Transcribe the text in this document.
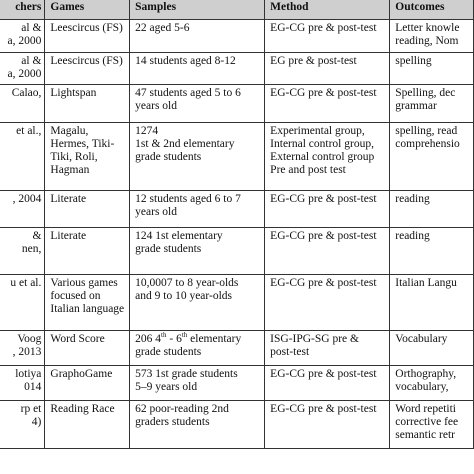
chers	Games	Samples	Method	Outcomes

al &
a, 2000	Leescircus (FS)	22 aged 5-6	EG-CG pre & post-test	Letter knowle
reading, Nom

al &
a, 2000	Leescircus (FS)	14 students aged 8-12	EG pre & post-test	spelling

Calao,	Lightspan	47 students aged 5 to 6
years old	EG-CG pre & post-test	Spelling, dec
grammar

et al.,	Magalu,
Hermes, Tiki-
Tiki, Roli,
Hagman	1274
1st & 2nd elementary
grade students	Experimental group,
Internal control group,
External control group
Pre and post test	spelling, read
comprehensio

, 2004	Literate	12 students aged 6 to 7
years old	EG-CG pre & post-test	reading

&
nen,	Literate	124 1st elementary
grade students	EG-CG pre & post-test	reading

u et al.	Various games
focused on
Italian language	10,0007 to 8 year-olds
and 9 to 10 year-olds	EG-CG pre & post-test	Italian Langu

Voog
, 2013	Word Score	206 4th - 6th elementary
grade students	ISG-IPG-SG pre &
post-test	Vocabulary

lotiya
014	GraphoGame	573 1st grade students
5–9 years old	EG-CG pre & post-test	Orthography,
vocabulary,

rp et
4)	Reading Race	62 poor-reading 2nd
graders students	EG-CG pre & post-test	Word repetiti
corrective fee
semantic retr
